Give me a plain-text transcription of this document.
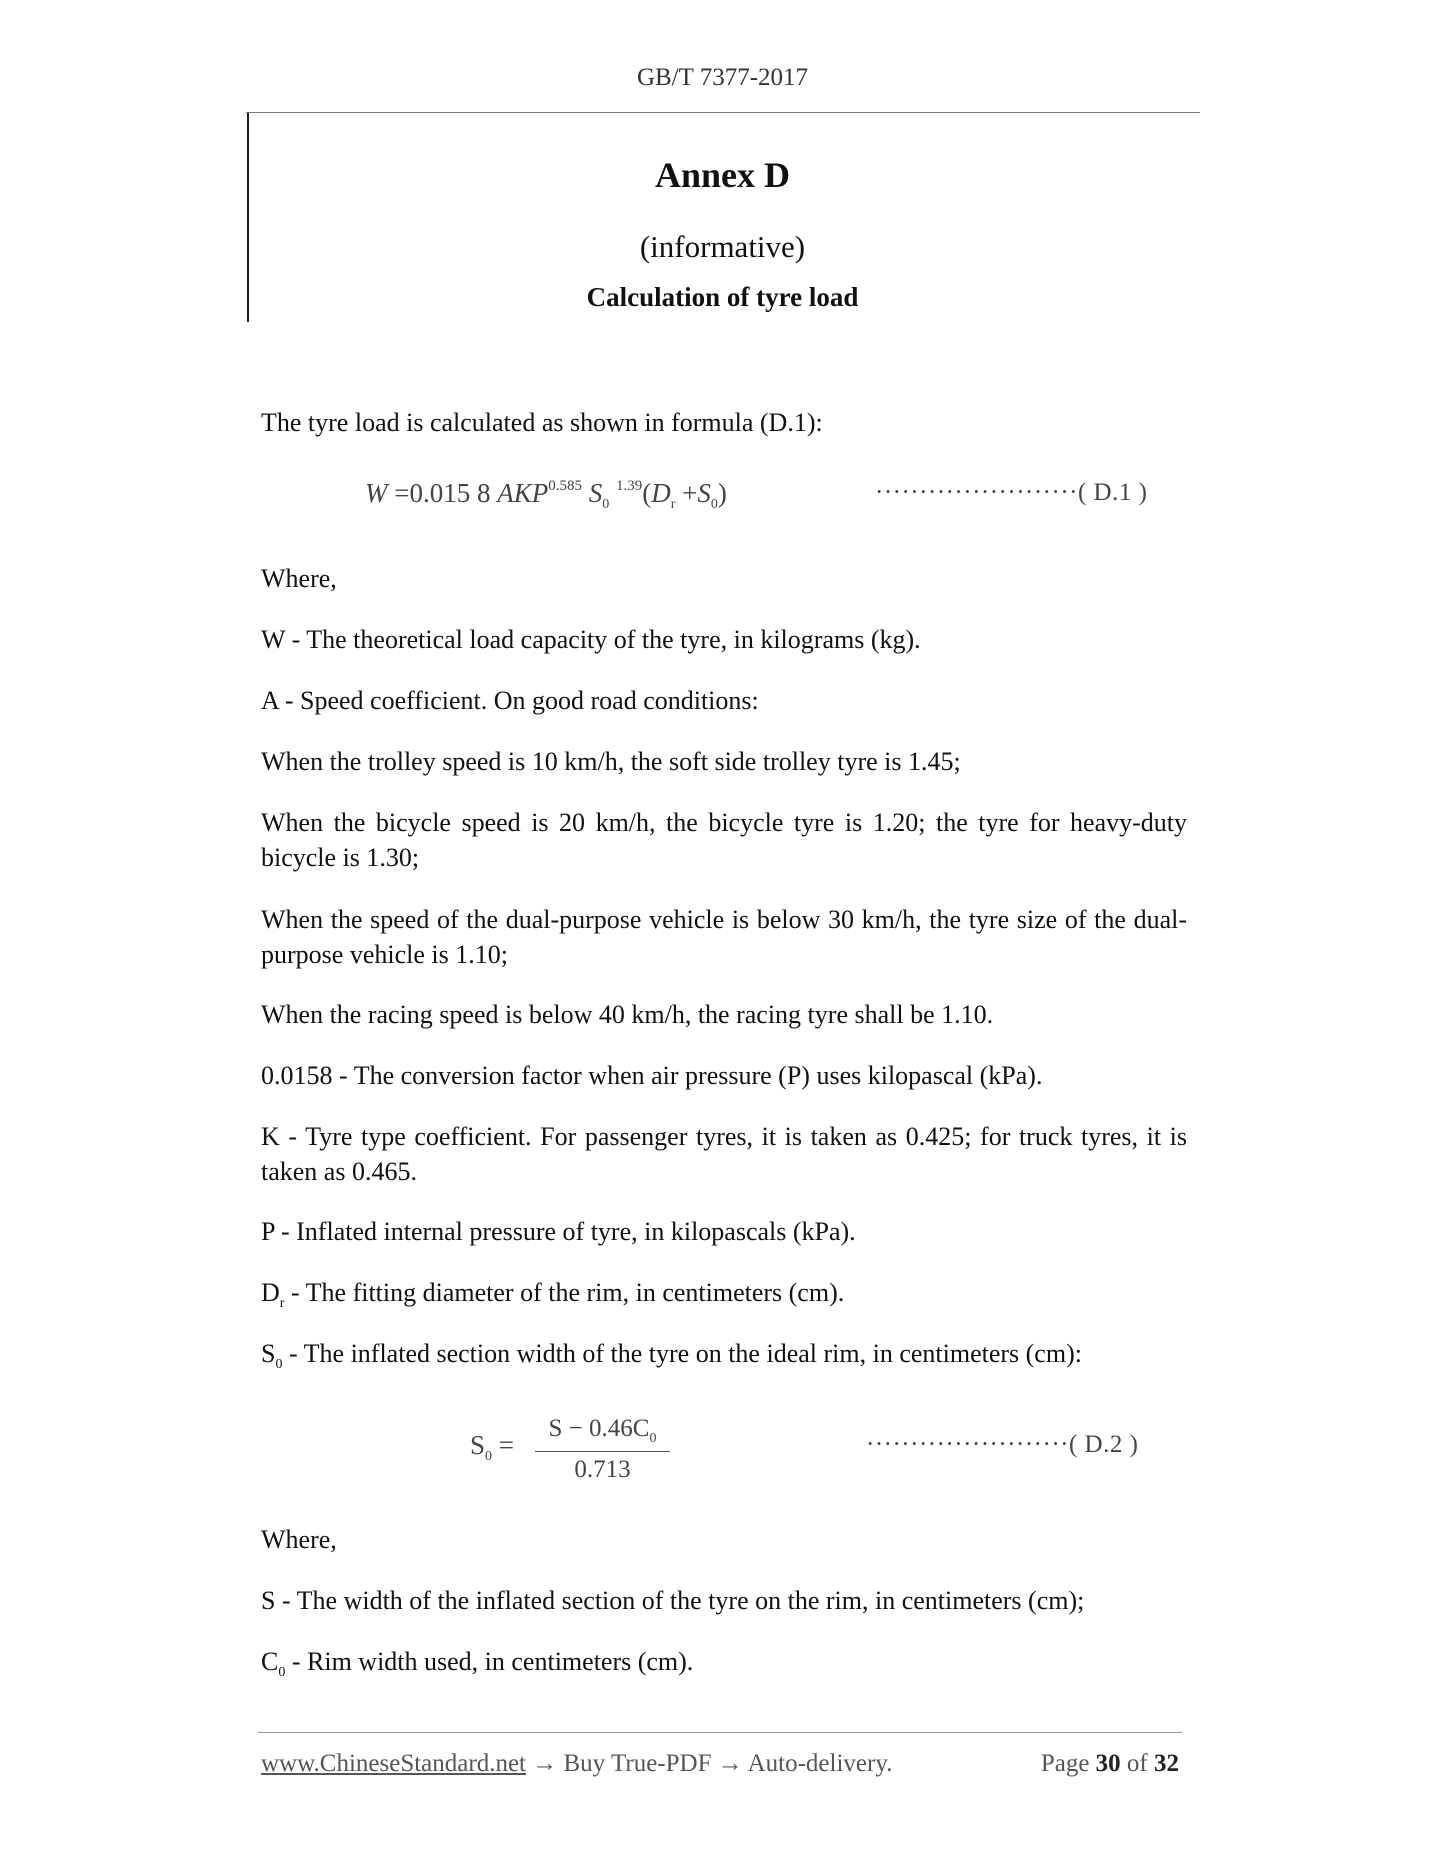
GB/T 7377-2017
Annex D
(informative)
Calculation of tyre load

The tyre load is calculated as shown in formula (D.1):

W =0.015 8 $AKP^{0.585}$ $S_0$ $^{1.39}(D_r +S_0)$	·······················( D.1 )

Where,

W - The theoretical load capacity of the tyre, in kilograms (kg).

A - Speed coefficient. On good road conditions:

When the trolley speed is 10 km/h, the soft side trolley tyre is 1.45;

When the bicycle speed is 20 km/h, the bicycle tyre is 1.20; the tyre for heavy-duty bicycle is 1.30;

When the speed of the dual-purpose vehicle is below 30 km/h, the tyre size of the dual-purpose vehicle is 1.10;

When the racing speed is below 40 km/h, the racing tyre shall be 1.10.

0.0158 - The conversion factor when air pressure (P) uses kilopascal (kPa).

K - Tyre type coefficient. For passenger tyres, it is taken as 0.425; for truck tyres, it is taken as 0.465.

P - Inflated internal pressure of tyre, in kilopascals (kPa).

$D_r$ - The fitting diameter of the rim, in centimeters (cm).

$S_0$ - The inflated section width of the tyre on the ideal rim, in centimeters (cm):

$S_0 = \frac{S - 0.46C_0}{0.713}$	·······················( D.2 )

Where,

S - The width of the inflated section of the tyre on the rim, in centimeters (cm);

$C_0$ - Rim width used, in centimeters (cm).

www.ChineseStandard.net → Buy True-PDF → Auto-delivery.	Page 30 of 32
